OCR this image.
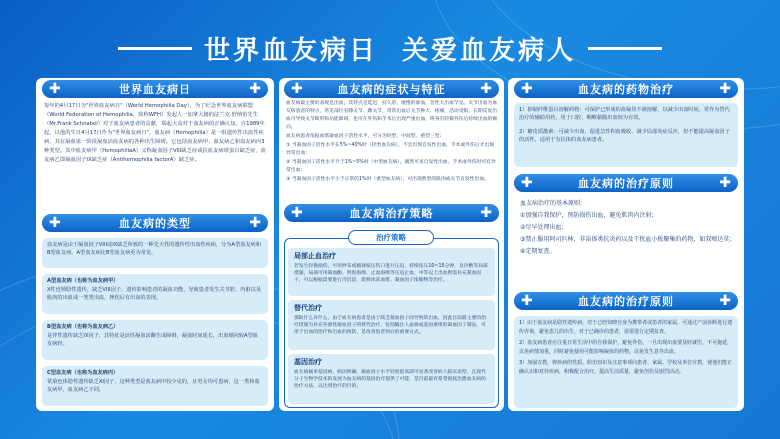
世界血友病日  关爱血友病人
✚	世界血友病日	✚

每年的4月17日为"世界血友病日"（World Hemophilia Day），为了纪念世界血友病联盟（World Federation of Hemophilia，简称WFH）发起人一加拿大籍的法兰克·舒纳伯先生（Mr.Frank Schnabel）对于血友病患者的贡献，瑞起大众对于血友病的正确认知。自1989年起，以他的生日4月17日作为"世界血友病日"，血友病（Hemophilia）是一组遗传性出血性疾病，其在凝血第一阶段凝血活血友病的各种出生障碍。它包括血友病甲、血友病乙和血友病丙3种类型。其中血友病甲（HemophiliaA）又称凝血因子VIII缺乏症或抗血友病球蛋白缺乏症，血友病乙即凝血因子IX缺乏症（Antihemophilia factorA）缺乏症。

✚	血友病的类型	✚
血友病是由于凝血因子VIII或IX缺乏所致的一种先天性的遗传性出血性疾病，分为A型血友病和B型血友病。A型血友病比B型血友病更为常见。
A型血友病（也称为血友病甲）
X性连锁隐性遗传，缺乏VIII因子，遗传影响患者的凝血功能，导致患者发生关节腔、内脏以及肌肉的出血或一类类出血，挫伤后有出血的表现。
B型血友病（也称为血友病乙）
是伴性遗传缺乏IX因子，其特征是活性凝血活酶生成障碍，凝血时间延长，出血倾向较A型血友病轻。
C型血友病（也称为血友病丙）
常染色体隐性遗传缺乏XI因子，这种类型是血友病中较少见的，且男女均可患病，这一类和血友病甲、血友病乙不同。
✚	血友病的症状与特征 ✚

血友病最主要的表现是出血，其特点是延迟、持久的、缓慢的渗血，急性大出血罕见。关节出血为血友病患者的特点，常见部位有膝关节、踝关节，常常出血后关节肿大、疼痛、活动受限，长期反复出血可导致关节畸形和功能障碍，也可在外伤和手术后出现严重出血，终身有轻微外伤后持续出血的倾向。

血友病患者依据血浆凝血因子活性水平，可分为轻型、中间型、重型三型：

① 当凝血因子活性水平在5%~40%时（轻型血友病），不会出现自发性出血，手术或外伤后才出现异常出血；

② 当凝血因子活性水平介于1%~5%时（中型血友病），偶然可见自发性出血，手术或外伤时可有异常出血；

③ 当凝血因子活性水平小于正常的1%时（重型血友病），可出现典型的肌肉或关节自发性出血。

✚	血友病治疗策略	✚
治疗策略
局部止血治疗
若发生轻微损伤，可用纱布或棉球按压伤口进行压迫，持续按压10~15分钟，及冷敷等局部措施，局部可用凝血酶、明胶海绵、止血海绵等压迫止血，中等以上出血则需补充凝血因子，可以根据需要进行冷沉淀、新鲜冰冻血浆、凝血因子浓缩物等治疗。
替代治疗
那缺什么补什么，由于血友病患者是由于缺乏凝血因子而导致的出血，因此目前最主要的治疗措施为补充外源性凝血因子的替代治疗，包括输注人血源或基因重组的凝血因子制品，可用于出血的治疗和出血的预防，是改善患者预后的重要方式。
基因治疗
血友病属单基因病，病因明确，凝血因子水平轻度提高即可显著改善病人临床表型，且现代分子生物学技术的发展为血友病的基因治疗提供了可能，是目前最有希望彻底治愈血友病的治疗方法，以达到治疗的目的。
✚	血友病的药物治疗	✚

1）抑制纤维蛋白溶解药物：可保护已形成的血凝块不被溶解，以减少出血时间，常作为替代治疗的辅助用药，用于口腔、咽喉黏膜出血较为有效。

2）糖皮质激素：可减少出血、促进急性积血吸收、减少局部炎症反应，但不能提高凝血因子的活性，适用于有抗体的血友病患者。

✚	血友病的治疗原则	✚

血友病治疗的基本原则：

①加强自我保护，预防损伤出血，避免肌肉内注射；

②尽早处理出血；

③禁止服用阿司匹林、非甾体类抗炎药以及干扰血小板聚集的药物，如双嘧达莫；

④定期复查。

✚	血友病的治疗原则	✚

1）由于血友病是隐性遗传病，对于已经知晓自身为携带者或患者的家属，可通过产前诊断进行遗传咨询，避免患儿的出生，对于已确诊的患者，需要进行定期复查。

2）血友病患者应注重日常生活中的自我保护，避免外伤，一旦出现出血要及时就医，不可拖延，以免病情加重，同时避免使用可能影响凝血的药物，以免发生意外出血。

3）加强宣教，将疾病的性质、防治知识及注意事项向患者、家属、学校及单位宣教，使他们能正确认识和对待疾病，积极配合治疗，提高生活质量，避免创伤及剧烈活动。
